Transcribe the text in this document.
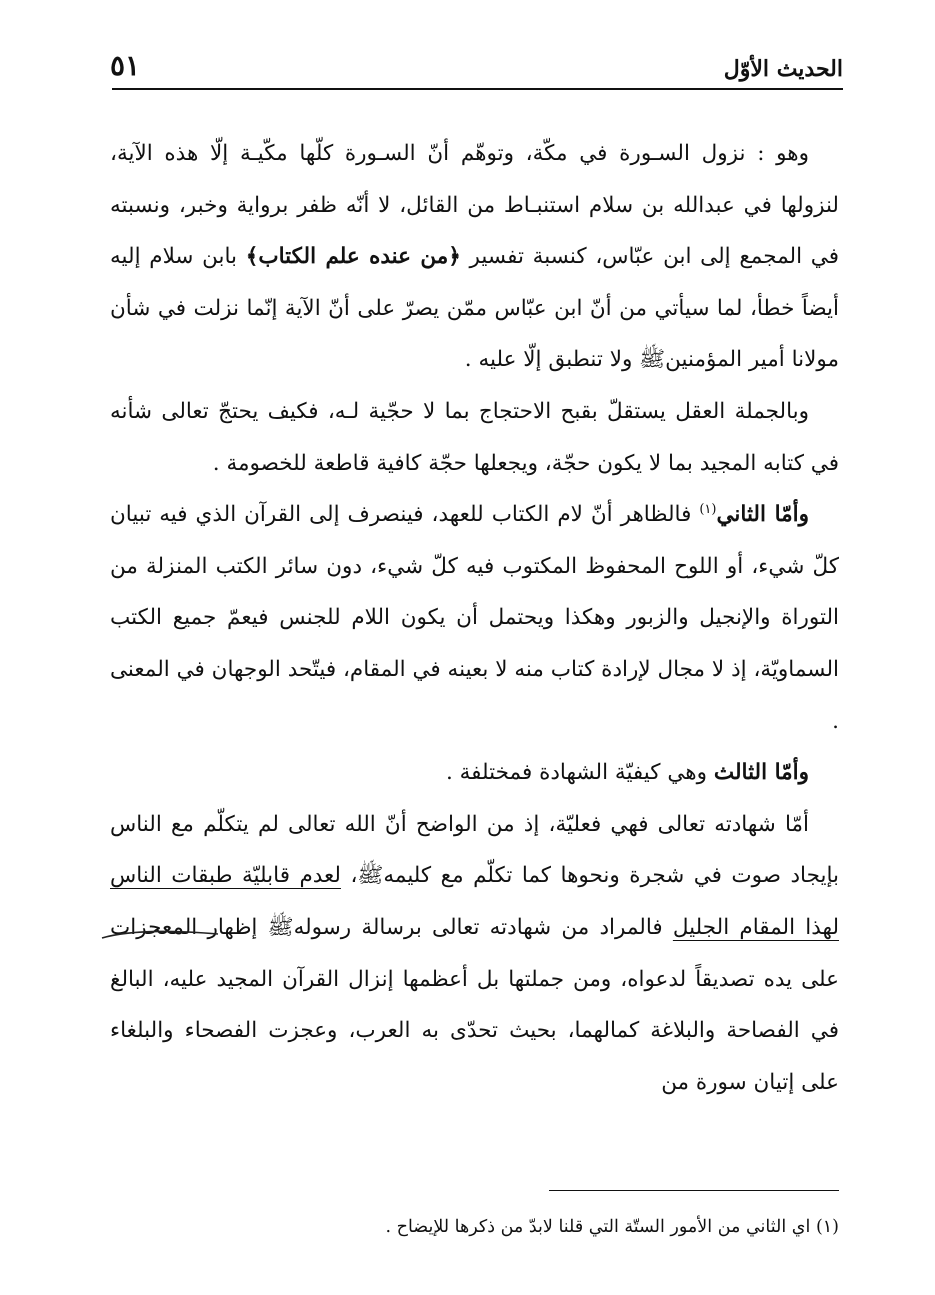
الحديث الأوّل
٥١

وهو : نزول السـورة في مكّة، وتوهّم أنّ السـورة كلّها مكّيـة إلّا هذه الآية، لنزولها في عبدالله بن سلام استنبـاط من القائل، لا أنّه ظفر برواية وخبر، ونسبته في المجمع إلى ابن عبّاس، كنسبة تفسير ﴿من عنده علم الكتاب﴾ بابن سلام إليه أيضاً خطأ، لما سيأتي من أنّ ابن عبّاس ممّن يصرّ على أنّ الآية إنّما نزلت في شأن مولانا أمير المؤمنينﷺ ولا تنطبق إلّا عليه .

وبالجملة العقل يستقلّ بقبح الاحتجاج بما لا حجّية لـه، فكيف يحتجّ تعالى شأنه في كتابه المجيد بما لا يكون حجّة، ويجعلها حجّة كافية قاطعة للخصومة .

وأمّا الثاني$^{(١)}$ فالظاهر أنّ لام الكتاب للعهد، فينصرف إلى القرآن الذي فيه تبيان كلّ شيء، أو اللوح المحفوظ المكتوب فيه كلّ شيء، دون سائر الكتب المنزلة من التوراة والإنجيل والزبور وهكذا ويحتمل أن يكون اللام للجنس فيعمّ جميع الكتب السماويّة، إذ لا مجال لإرادة كتاب منه لا بعينه في المقام، فيتّحد الوجهان في المعنى .

وأمّا الثالث وهي كيفيّة الشهادة فمختلفة .

أمّا شهادته تعالى فهي فعليّة، إذ من الواضح أنّ الله تعالى لم يتكلّم مع الناس بإيجاد صوت في شجرة ونحوها كما تكلّم مع كليمهﷺ، لعدم قابليّة طبقات الناس لهذا المقام الجليل فالمراد من شهادته تعالى برسالة رسولهﷺ إظهار المعجزات على يده تصديقاً لدعواه، ومن جملتها بل أعظمها إنزال القرآن المجيد عليه، البالغ في الفصاحة والبلاغة كمالهما، بحيث تحدّى به العرب، وعجزت الفصحاء والبلغاء على إتيان سورة من

(١) اي الثاني من الأمور الستّة التي قلنا لابدّ من ذكرها للإيضاح .
